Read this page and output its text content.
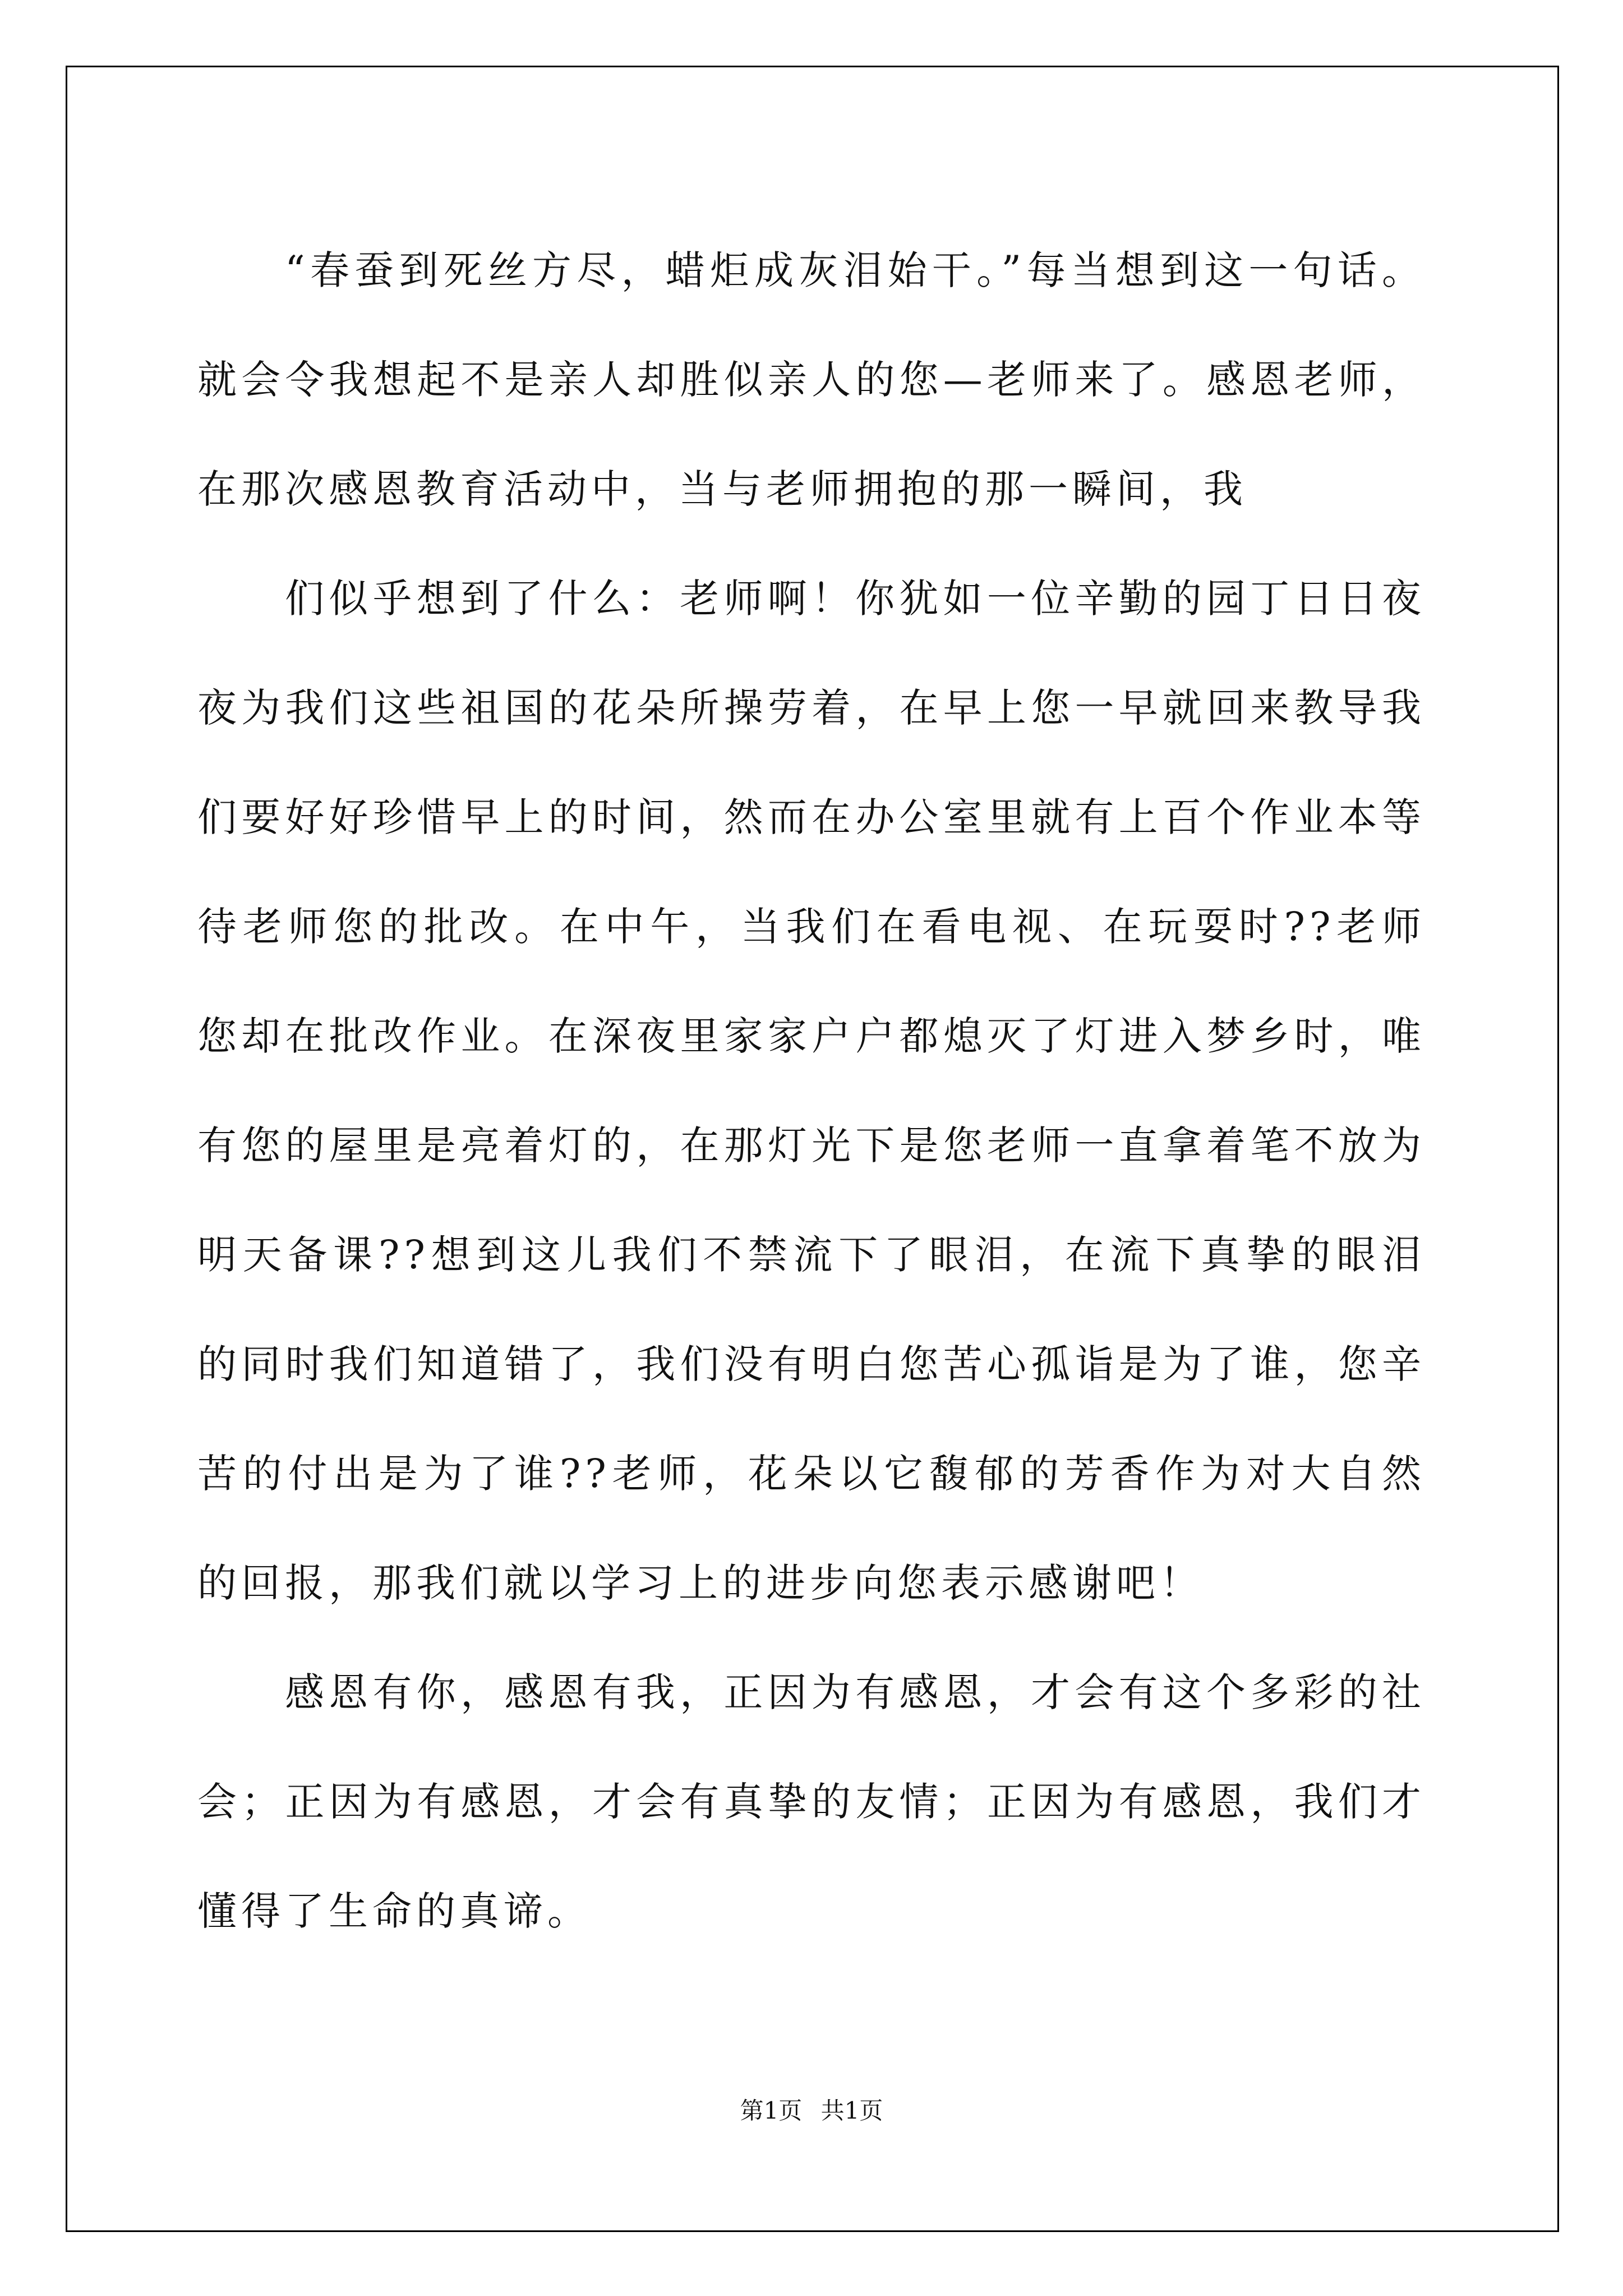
“春蚕到死丝方尽，蜡炬成灰泪始干。”每当想到这一句话。就会令我想起不是亲人却胜似亲人的您—老师来了。感恩老师，在那次感恩教育活动中，当与老师拥抱的那一瞬间，我

们似乎想到了什么：老师啊！你犹如一位辛勤的园丁日日夜夜为我们这些祖国的花朵所操劳着，在早上您一早就回来教导我们要好好珍惜早上的时间，然而在办公室里就有上百个作业本等待老师您的批改。在中午，当我们在看电视、在玩耍时??老师您却在批改作业。在深夜里家家户户都熄灭了灯进入梦乡时，唯有您的屋里是亮着灯的，在那灯光下是您老师一直拿着笔不放为明天备课??想到这儿我们不禁流下了眼泪，在流下真挚的眼泪的同时我们知道错了，我们没有明白您苦心孤诣是为了谁，您辛苦的付出是为了谁??老师，花朵以它馥郁的芳香作为对大自然的回报，那我们就以学习上的进步向您表示感谢吧！

感恩有你，感恩有我，正因为有感恩，才会有这个多彩的社会；正因为有感恩，才会有真挚的友情；正因为有感恩，我们才懂得了生命的真谛。

第1页 共1页
